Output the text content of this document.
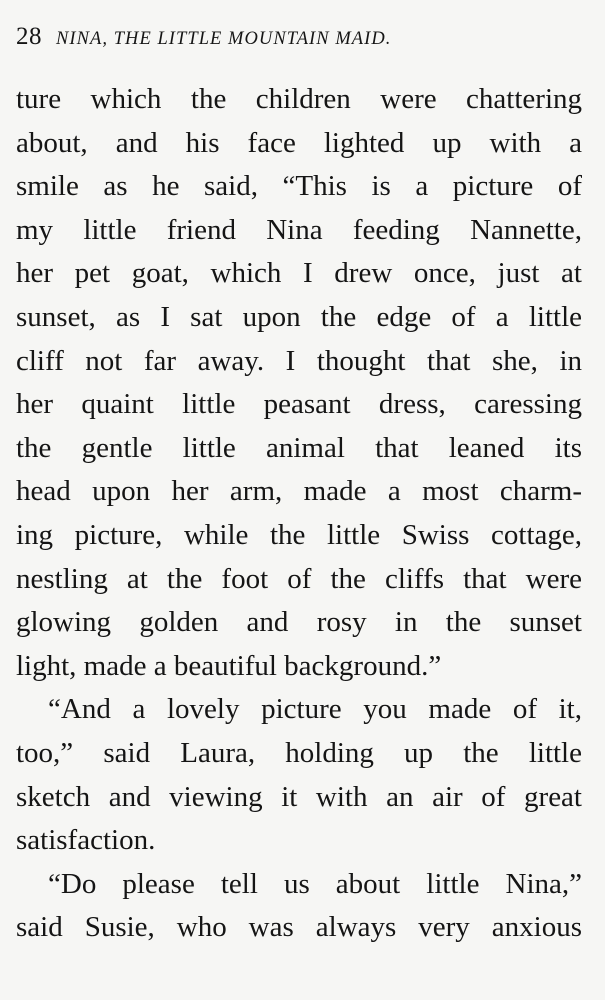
28 NINA, THE LITTLE MOUNTAIN MAID.
ture which the children were chattering
about, and his face lighted up with a
smile as he said, “This is a picture of
my little friend Nina feeding Nannette,
her pet goat, which I drew once, just at
sunset, as I sat upon the edge of a little
cliff not far away. I thought that she, in
her quaint little peasant dress, caressing
the gentle little animal that leaned its
head upon her arm, made a most charm-
ing picture, while the little Swiss cottage,
nestling at the foot of the cliffs that were
glowing golden and rosy in the sunset
light, made a beautiful background.”
“And a lovely picture you made of it,
too,” said Laura, holding up the little
sketch and viewing it with an air of great
satisfaction.
“Do please tell us about little Nina,”
said Susie, who was always very anxious
